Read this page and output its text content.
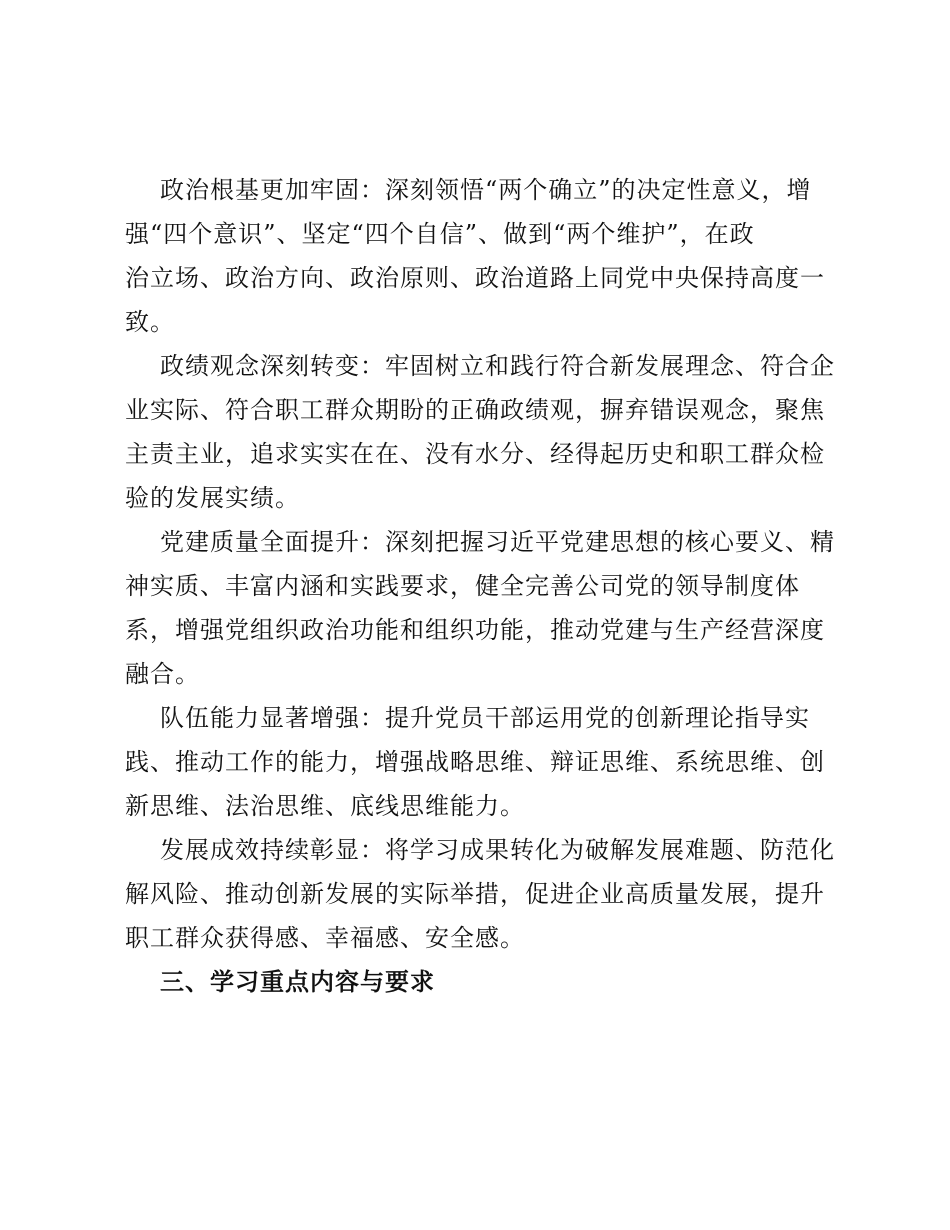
政治根基更加牢固：深刻领悟“两个确立”的决定性意义，增
强“四个意识”、坚定“四个自信”、做到“两个维护”，在政
治立场、政治方向、政治原则、政治道路上同党中央保持高度一
致。

政绩观念深刻转变：牢固树立和践行符合新发展理念、符合企
业实际、符合职工群众期盼的正确政绩观，摒弃错误观念，聚焦
主责主业，追求实实在在、没有水分、经得起历史和职工群众检
验的发展实绩。

党建质量全面提升：深刻把握习近平党建思想的核心要义、精
神实质、丰富内涵和实践要求，健全完善公司党的领导制度体
系，增强党组织政治功能和组织功能，推动党建与生产经营深度
融合。

队伍能力显著增强：提升党员干部运用党的创新理论指导实
践、推动工作的能力，增强战略思维、辩证思维、系统思维、创
新思维、法治思维、底线思维能力。

发展成效持续彰显：将学习成果转化为破解发展难题、防范化
解风险、推动创新发展的实际举措，促进企业高质量发展，提升
职工群众获得感、幸福感、安全感。

三、学习重点内容与要求
